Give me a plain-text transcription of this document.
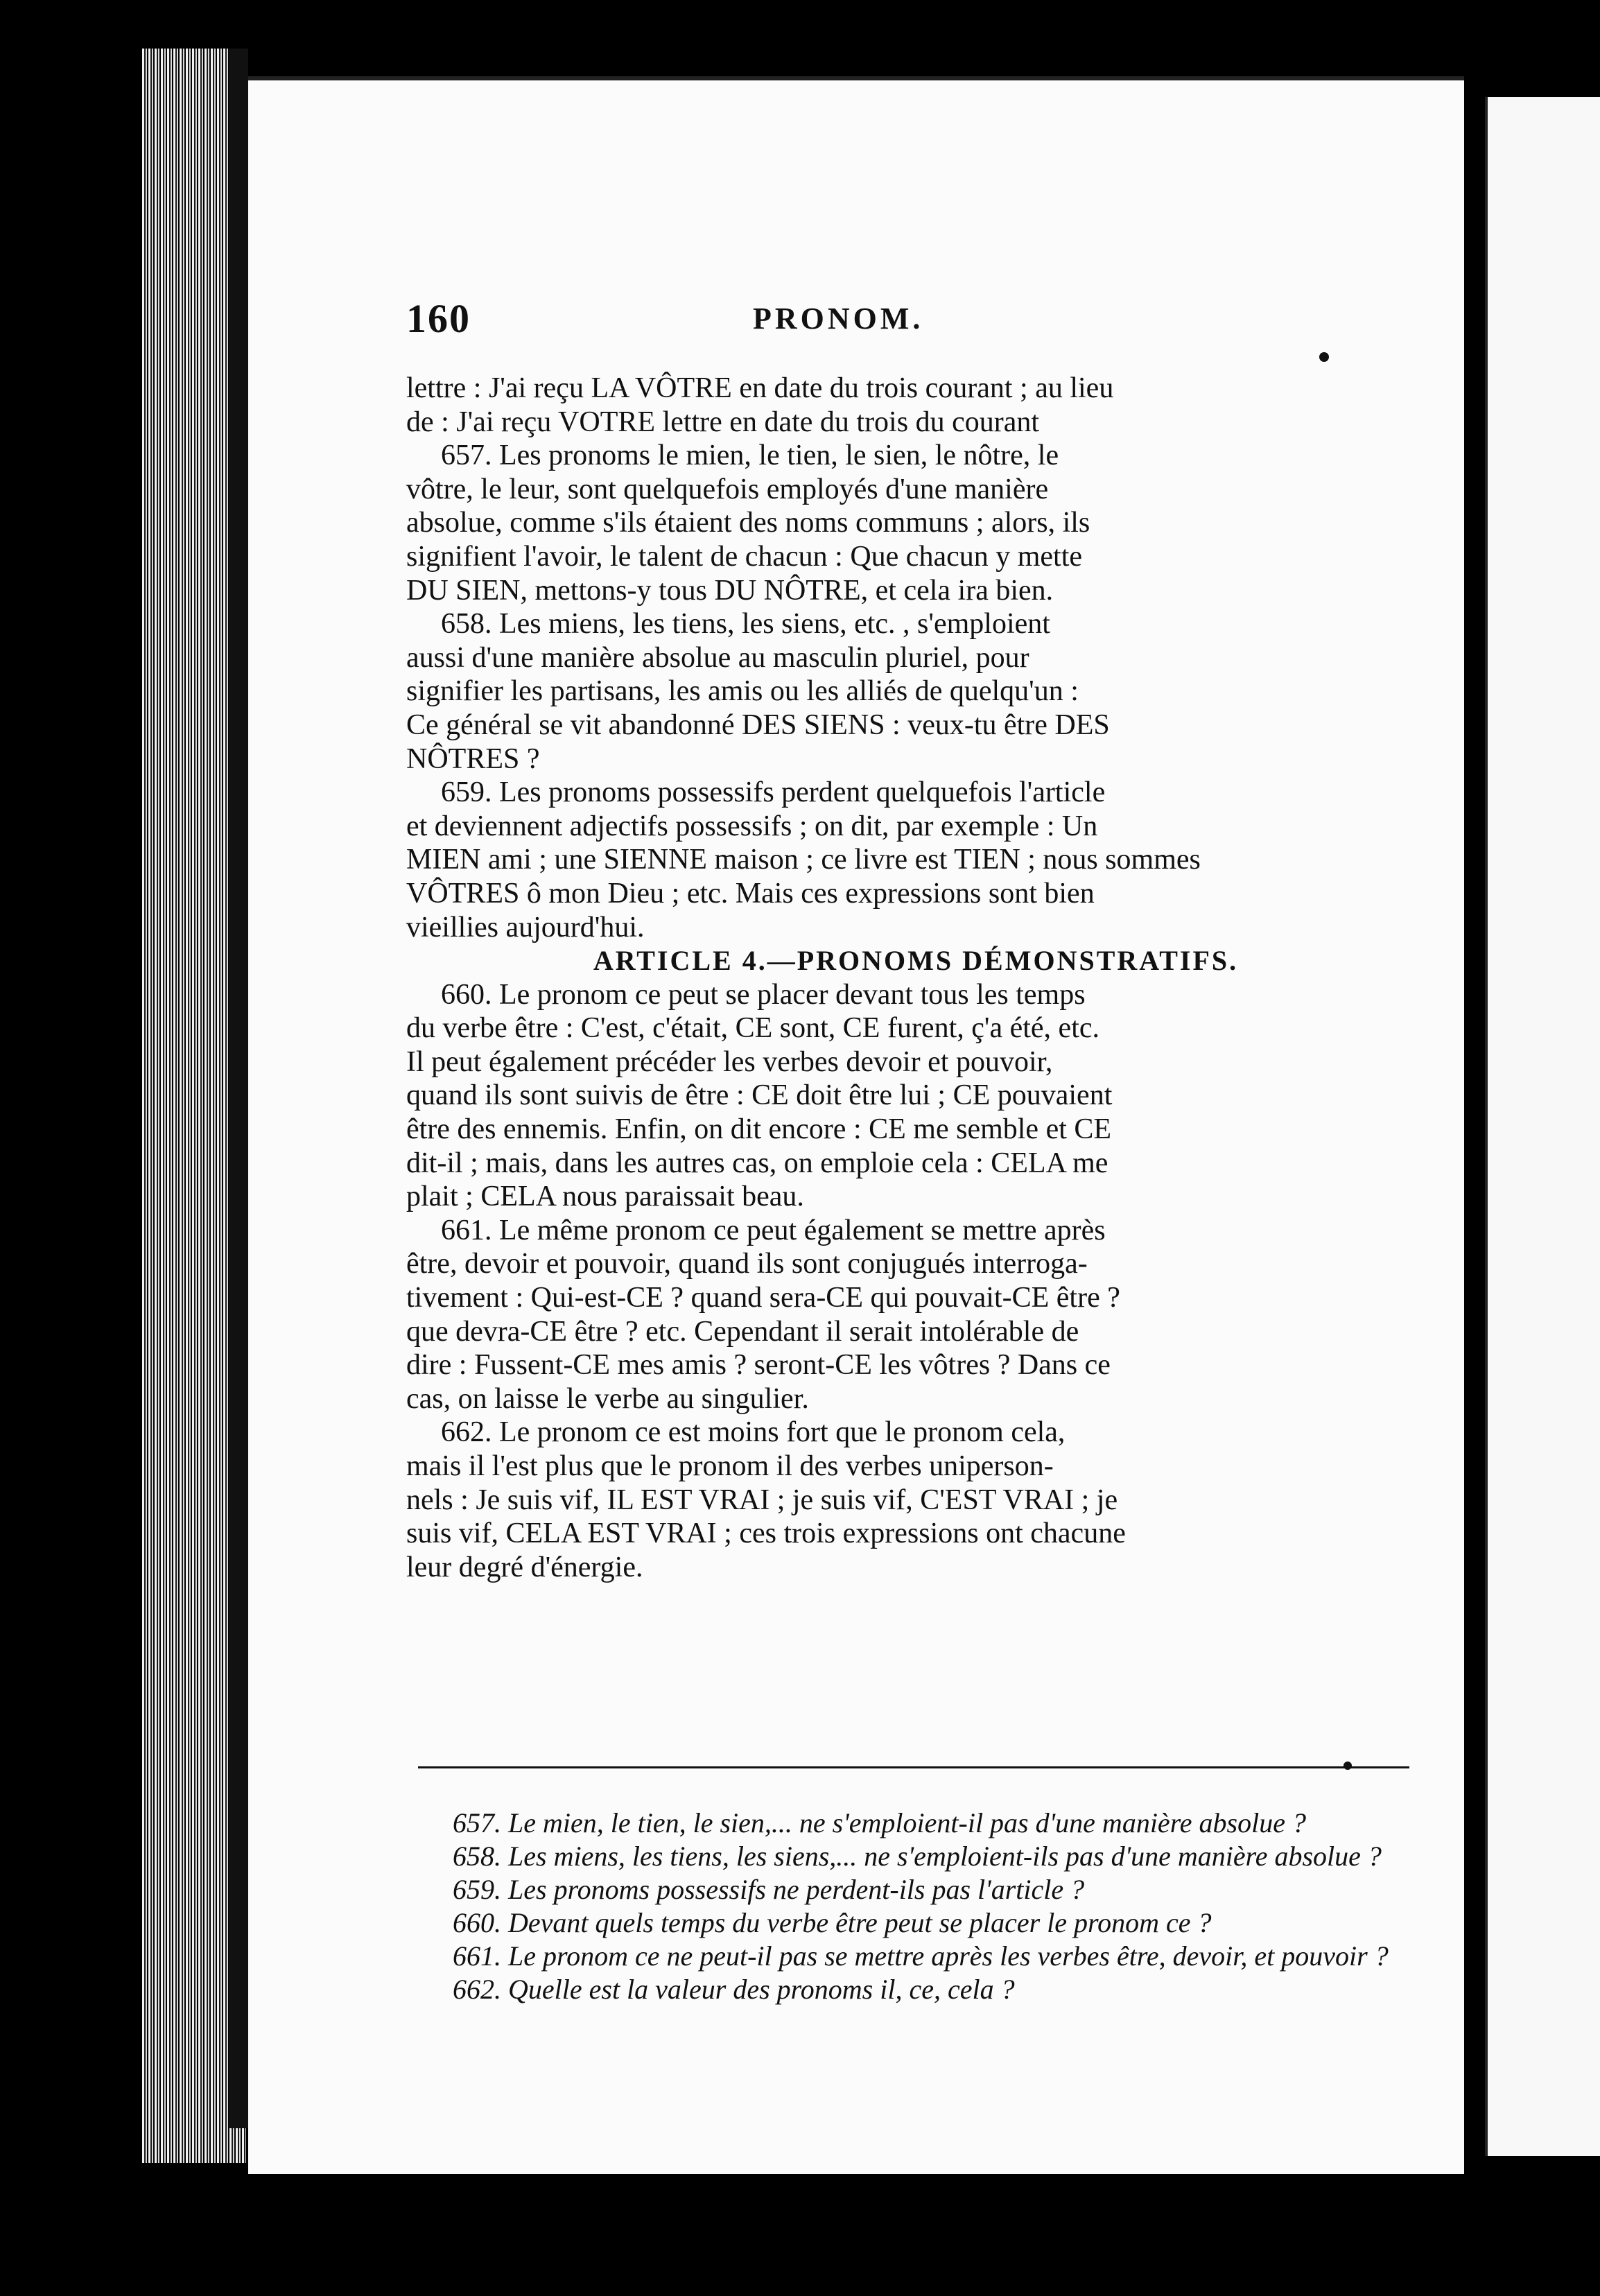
160	PRONOM.

lettre : J'ai reçu LA VÔTRE en date du trois courant ; au lieu

de : J'ai reçu VOTRE lettre en date du trois du courant

657. Les pronoms le mien, le tien, le sien, le nôtre, le

vôtre, le leur, sont quelquefois employés d'une manière

absolue, comme s'ils étaient des noms communs ; alors, ils

signifient l'avoir, le talent de chacun : Que chacun y mette

DU SIEN, mettons-y tous DU NÔTRE, et cela ira bien.

658. Les miens, les tiens, les siens, etc. , s'emploient

aussi d'une manière absolue au masculin pluriel, pour

signifier les partisans, les amis ou les alliés de quelqu'un :

Ce général se vit abandonné DES SIENS : veux-tu être DES

NÔTRES ?

659. Les pronoms possessifs perdent quelquefois l'article

et deviennent adjectifs possessifs ; on dit, par exemple : Un

MIEN ami ; une SIENNE maison ; ce livre est TIEN ; nous sommes

VÔTRES ô mon Dieu ; etc. Mais ces expressions sont bien

vieillies aujourd'hui.

ARTICLE 4.—PRONOMS DÉMONSTRATIFS.

660. Le pronom ce peut se placer devant tous les temps

du verbe être : C'est, c'était, CE sont, CE furent, ç'a été, etc.

Il peut également précéder les verbes devoir et pouvoir,

quand ils sont suivis de être : CE doit être lui ; CE pouvaient

être des ennemis. Enfin, on dit encore : CE me semble et CE

dit-il ; mais, dans les autres cas, on emploie cela : CELA me

plait ; CELA nous paraissait beau.

661. Le même pronom ce peut également se mettre après

être, devoir et pouvoir, quand ils sont conjugués interroga-

tivement : Qui-est-CE ? quand sera-CE qui pouvait-CE être ?

que devra-CE être ? etc. Cependant il serait intolérable de

dire : Fussent-CE mes amis ? seront-CE les vôtres ? Dans ce

cas, on laisse le verbe au singulier.

662. Le pronom ce est moins fort que le pronom cela,

mais il l'est plus que le pronom il des verbes uniperson-

nels : Je suis vif, IL EST VRAI ; je suis vif, C'EST VRAI ; je

suis vif, CELA EST VRAI ; ces trois expressions ont chacune

leur degré d'énergie.

657. Le mien, le tien, le sien,... ne s'emploient-il pas d'une manière absolue ?

658. Les miens, les tiens, les siens,... ne s'emploient-ils pas d'une manière absolue ?

659. Les pronoms possessifs ne perdent-ils pas l'article ?

660. Devant quels temps du verbe être peut se placer le pronom ce ?

661. Le pronom ce ne peut-il pas se mettre après les verbes être, devoir, et pouvoir ?

662. Quelle est la valeur des pronoms il, ce, cela ?
